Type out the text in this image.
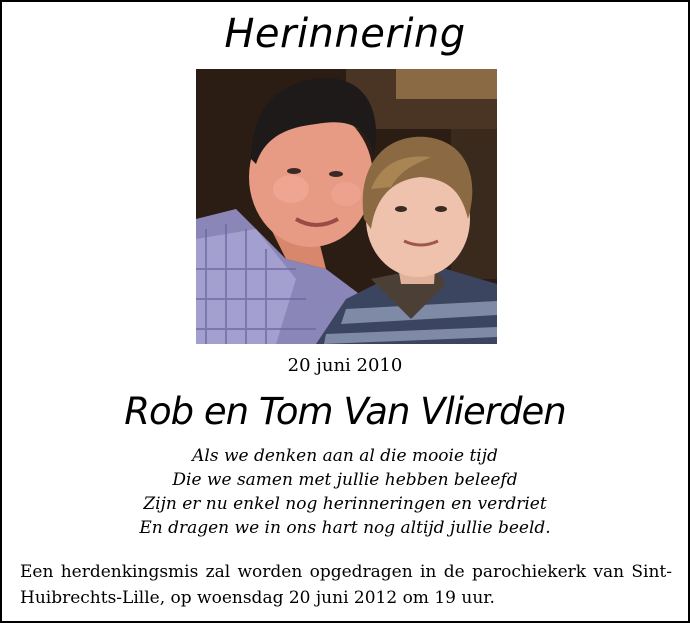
Herinnering
20 juni 2010
Rob en Tom Van Vlierden
Als we denken aan al die mooie tijd
Die we samen met jullie hebben beleefd
Zijn er nu enkel nog herinneringen en verdriet
En dragen we in ons hart nog altijd jullie beeld.
Een herdenkingsmis zal worden opgedragen in de parochiekerk van Sint-Huibrechts-Lille, op woensdag 20 juni 2012 om 19 uur.
